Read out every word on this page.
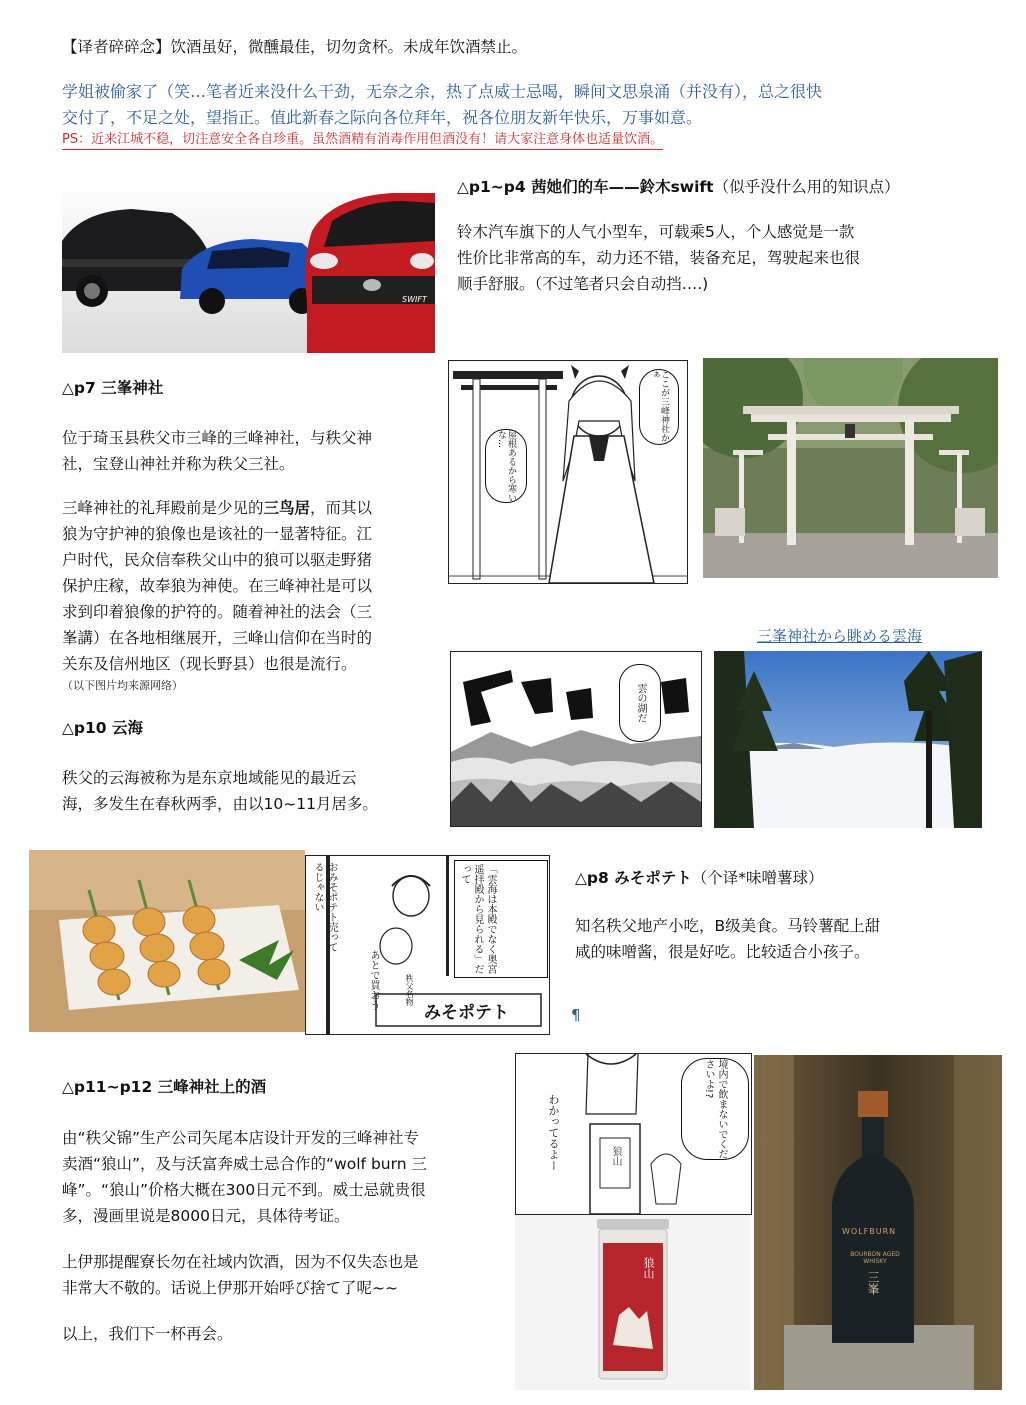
【译者碎碎念】饮酒虽好，微醺最佳，切勿贪杯。未成年饮酒禁止。

学姐被偷家了（笑…笔者近来没什么干劲，无奈之余，热了点威士忌喝，瞬间文思泉涌（并没有），总之很快

交付了，不足之处，望指正。值此新春之际向各位拜年，祝各位朋友新年快乐，万事如意。

PS：近来江城不稳，切注意安全各自珍重。虽然酒精有消毒作用但酒没有！请大家注意身体也适量饮酒。

SWIFT

△p1~p4 茜她们的车——鈴木swift（似乎没什么用的知识点）

铃木汽车旗下的人气小型车，可载乘5人，个人感觉是一款

性价比非常高的车，动力还不错，装备充足，驾驶起来也很

顺手舒服。（不过笔者只会自动挡….)

△p7 三峯神社

位于琦玉县秩父市三峰的三峰神社，与秩父神

社，宝登山神社并称为秩父三社。

三峰神社的礼拜殿前是少见的三鸟居，而其以

狼为守护神的狼像也是该社的一显著特征。江

户时代，民众信奉秩父山中的狼可以驱走野猪

保护庄稼，故奉狼为神使。在三峰神社是可以

求到印着狼像的护符的。随着神社的法会（三

峯講）在各地相继展开，三峰山信仰在当时的

关东及信州地区（现长野县）也很是流行。

（以下图片均来源网络）

ここが三峰神社かぁ
屋根あるから寒いな…

△p10 云海

秩父的云海被称为是东京地域能见的最近云

海，多发生在春秋两季，由以10~11月居多。

雲の湖だ
三峯神社から眺める雲海
おみそポテト売ってるじゃない	「雲海は本殿でなく奥宮遥拝殿から見られる」だって
あとで買おう
みそポテト
秩父名物

△p8 みそポテト（个译*味噌薯球）

知名秩父地产小吃，B级美食。马铃薯配上甜

咸的味噌酱，很是好吃。比较适合小孩子。

¶

△p11~p12 三峰神社上的酒

由“秩父锦”生产公司矢尾本店设计开发的三峰神社专

卖酒“狼山”，及与沃富奔威士忌合作的“wolf burn 三

峰”。“狼山”价格大概在300日元不到。威士忌就贵很

多，漫画里说是8000日元，具体待考证。

上伊那提醒寮长勿在社域内饮酒，因为不仅失态也是

非常大不敬的。话说上伊那开始呼び捨て了呢~~

以上，我们下一杯再会。

境内で飲まないでくださいよ!?
わかってるよー	狼山
狼山
WOLFBURN
BOURBON AGED WHISKY
三峯
